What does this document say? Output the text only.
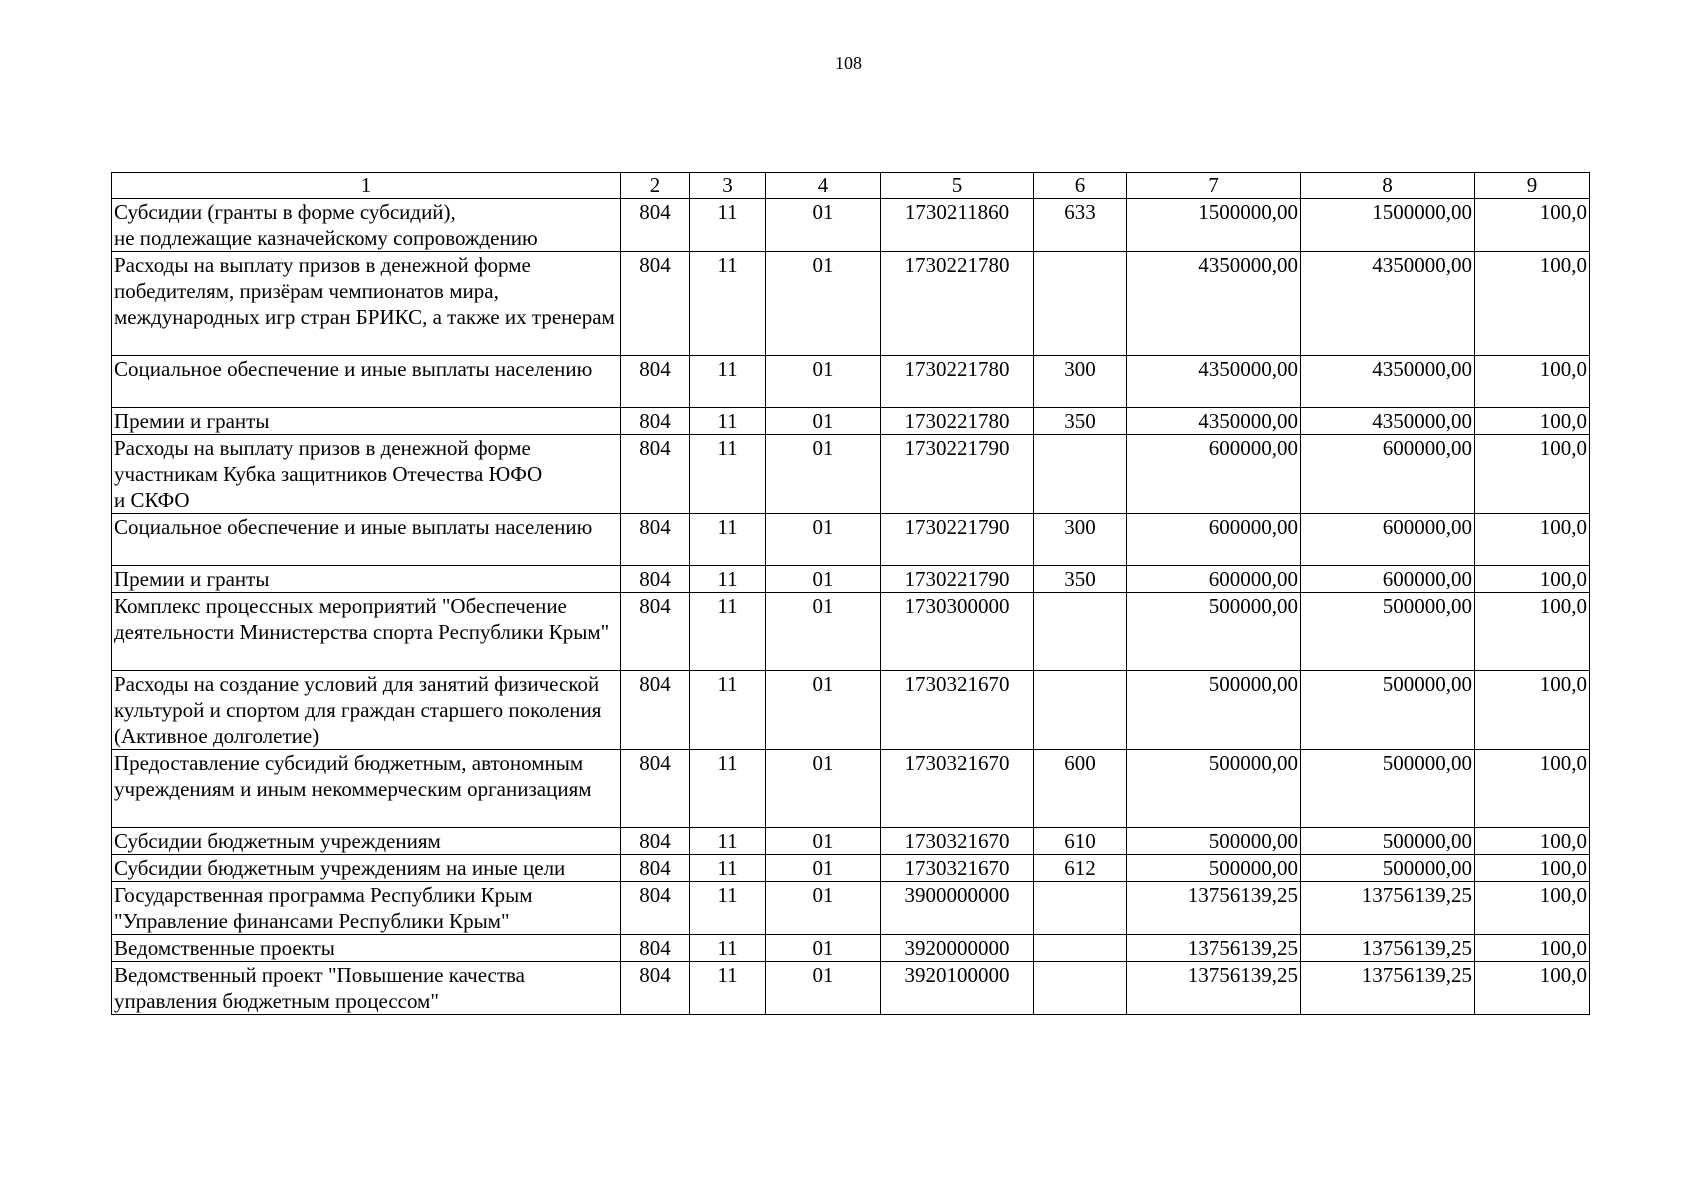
108
1	2	3	4	5	6	7	8	9
Субсидии (гранты в форме субсидий),
не подлежащие казначейскому сопровождению	804	11	01	1730211860	633	1500000,00	1500000,00	100,0
Расходы на выплату призов в денежной форме победителям, призёрам чемпионатов мира, международных игр стран БРИКС, а также их тренерам	804	11	01	1730221780		4350000,00	4350000,00	100,0
Социальное обеспечение и иные выплаты населению	804	11	01	1730221780	300	4350000,00	4350000,00	100,0
Премии и гранты	804	11	01	1730221780	350	4350000,00	4350000,00	100,0
Расходы на выплату призов в денежной форме участникам Кубка защитников Отечества ЮФО
и СКФО	804	11	01	1730221790		600000,00	600000,00	100,0
Социальное обеспечение и иные выплаты населению	804	11	01	1730221790	300	600000,00	600000,00	100,0
Премии и гранты	804	11	01	1730221790	350	600000,00	600000,00	100,0
Комплекс процессных мероприятий "Обеспечение деятельности Министерства спорта Республики Крым"	804	11	01	1730300000		500000,00	500000,00	100,0
Расходы на создание условий для занятий физической культурой и спортом для граждан старшего поколения (Активное долголетие)	804	11	01	1730321670		500000,00	500000,00	100,0
Предоставление субсидий бюджетным, автономным учреждениям и иным некоммерческим организациям	804	11	01	1730321670	600	500000,00	500000,00	100,0
Субсидии бюджетным учреждениям	804	11	01	1730321670	610	500000,00	500000,00	100,0
Субсидии бюджетным учреждениям на иные цели	804	11	01	1730321670	612	500000,00	500000,00	100,0
Государственная программа Республики Крым "Управление финансами Республики Крым"	804	11	01	3900000000		13756139,25	13756139,25	100,0
Ведомственные проекты	804	11	01	3920000000		13756139,25	13756139,25	100,0
Ведомственный проект "Повышение качества управления бюджетным процессом"	804	11	01	3920100000		13756139,25	13756139,25	100,0
